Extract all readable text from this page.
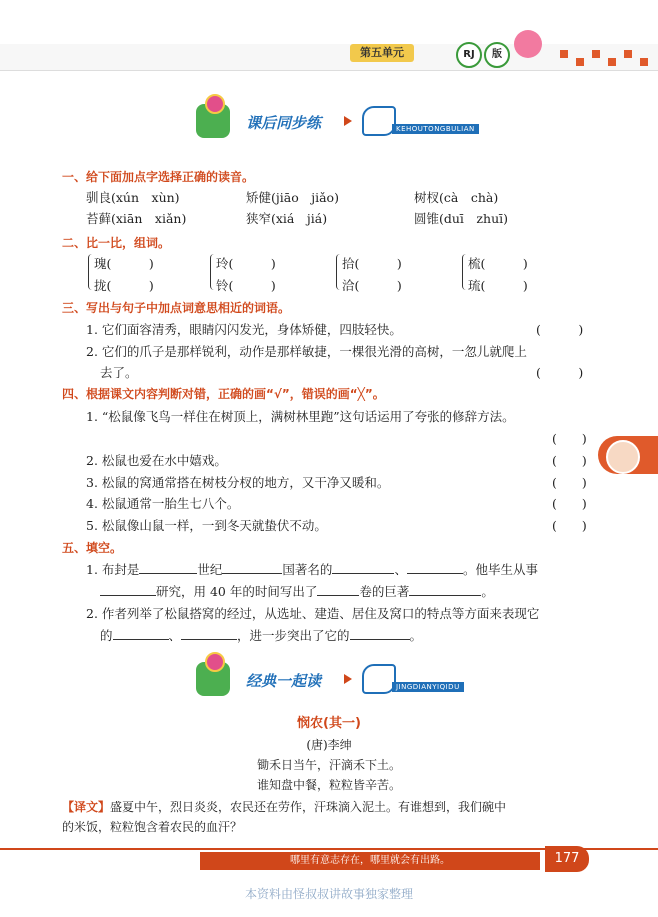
第五单元	RJ	版
课后同步练	KEHOUTONGBULIAN
一、给下面加点字选择正确的读音。
驯良(xún　xùn)	矫健(jiāo　jiǎo)	树杈(cà　chà)
苔藓(xiān　xiǎn)	狭窄(xiá　jiá)	圆锥(duī　zhuī)
二、比一比，组词。
瑰(　　　)	玲(　　　)	拾(　　　)	梳(　　　)
拢(　　　)	铃(　　　)	洽(　　　)	琉(　　　)
三、写出与句子中加点词意思相近的词语。
1. 它们面容清秀，眼睛闪闪发光，身体矫健，四肢轻快。	(　　　)
2. 它们的爪子是那样锐利，动作是那样敏捷，一棵很光滑的高树，一忽儿就爬上
去了。	(　　　)
四、根据课文内容判断对错，正确的画“√”，错误的画“╳”。
1. “松鼠像飞鸟一样住在树顶上，满树林里跑”这句话运用了夸张的修辞方法。
(　　)
2. 松鼠也爱在水中嬉戏。	(　　)
3. 松鼠的窝通常搭在树枝分杈的地方，又干净又暖和。	(　　)
4. 松鼠通常一胎生七八个。	(　　)
5. 松鼠像山鼠一样，一到冬天就蛰伏不动。	(　　)
五、填空。
1. 布封是	世纪	国著名的	、	。他毕生从事
研究，用 40 年的时间写出了	卷的巨著	。
2. 作者列举了松鼠搭窝的经过，从选址、建造、居住及窝口的特点等方面来表现它
的	、	，进一步突出了它的	。
经典一起读	JINGDIANYIQIDU
悯农(其一)
(唐)李绅
锄禾日当午，汗滴禾下土。
谁知盘中餐，粒粒皆辛苦。
【译文】盛夏中午，烈日炎炎，农民还在劳作，汗珠滴入泥土。有谁想到，我们碗中
的米饭，粒粒饱含着农民的血汗？
哪里有意志存在，哪里就会有出路。	177
本资料由怪叔叔讲故事独家整理
